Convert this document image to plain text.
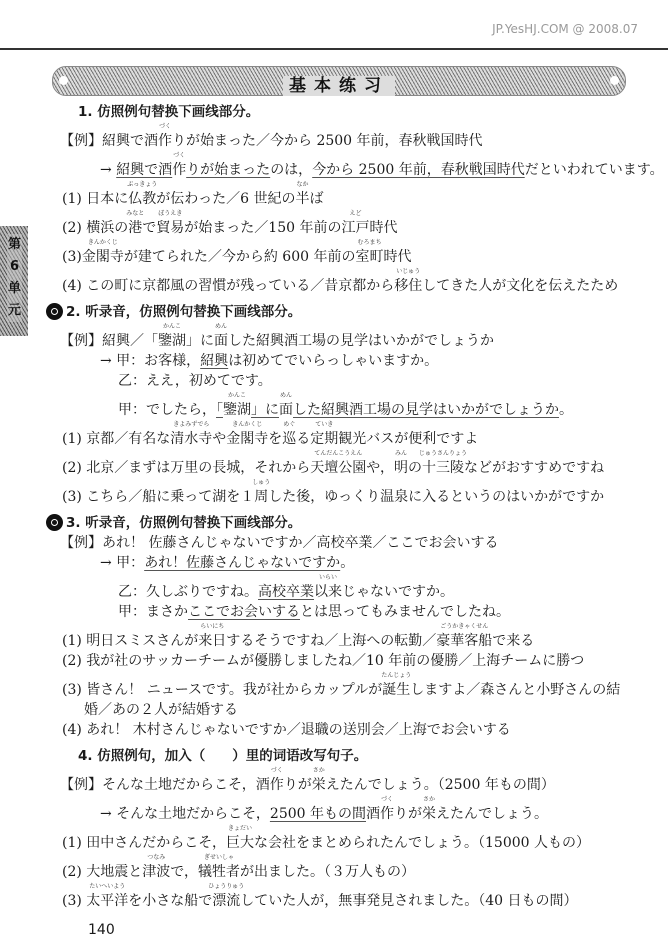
JP.YesHJ.COM @ 2008.07
第6单元
基本练习
1. 仿照例句替换下画线部分。
【例】紹興で酒作
づく
りが始まった／今から 2500 年前，春秋戦国時代
→ 紹興で酒作
づく
りが始まったのは，今から 2500 年前，春秋戦国時代だといわれています。
(1) 日本に仏教
ぶっきょう
が伝わった／6 世紀の半
なか
ば
(2) 横浜の港
みなと
で貿易
ぼうえき
が始まった／150 年前の江戸
えど
時代
(3)金閣寺
きんかくじ
が建てられた／今から約 600 年前の室町
むろまち
時代
(4) この町に京都風の習慣が残っている／昔京都から移住
いじゅう
してきた人が文化を伝えたため
2. 听录音，仿照例句替换下画线部分。
【例】紹興／「鑒湖
かんこ
」に面
めん
した紹興酒工場の見学はいかがでしょうか
→ 甲：お客様，紹興は初めてでいらっしゃいますか。
乙：ええ，初めてです。
甲：でしたら，「鑒湖
かんこ
」に面
めん
した紹興酒工場の見学はいかがでしょうか。
(1) 京都／有名な清水寺
きよみずでら
や金閣寺
きんかくじ
を巡
めぐ
る定期
ていき
観光バスが便利ですよ
(2) 北京／まずは万里の長城，それから天壇公園
てんだんこうえん
や，明
みん
の十三陵
じゅうさんりょう
などがおすすめですね
(3) こちら／船に乗って湖を１周
しゅう
した後，ゆっくり温泉に入るというのはいかがですか
3. 听录音，仿照例句替换下画线部分。
【例】あれ！ 佐藤さんじゃないですか／高校卒業／ここでお会いする
→ 甲：あれ！佐藤さんじゃないですか。
乙：久しぶりですね。高校卒業以来
いらい
じゃないですか。
甲：まさかここでお会いするとは思ってもみませんでしたね。
(1) 明日スミスさんが来日
らいにち
するそうですね／上海への転勤／豪華客船
ごうかきゃくせん
で来る
(2) 我が社のサッカーチームが優勝しましたね／10 年前の優勝／上海チームに勝つ
(3) 皆さん！ ニュースです。我が社からカップルが誕生
たんじょう
しますよ／森さんと小野さんの結
婚／あの２人が結婚する
(4) あれ！ 木村さんじゃないですか／退職の送別会／上海でお会いする
4. 仿照例句，加入（　　）里的词语改写句子。
【例】そんな土地だからこそ，酒作
づく
りが栄
さか
えたんでしょう。（2500 年もの間）
→ そんな土地だからこそ，2500 年もの間酒作
づく
りが栄
さか
えたんでしょう。
(1) 田中さんだからこそ，巨大
きょだい
な会社をまとめられたんでしょう。（15000 人もの）
(2) 大地震と津波
つなみ
で，犠牲者
ぎせいしゃ
が出ました。（３万人もの）
(3) 太平洋
たいへいよう
を小さな船で漂流
ひょうりゅう
していた人が，無事発見されました。（40 日もの間）
140
